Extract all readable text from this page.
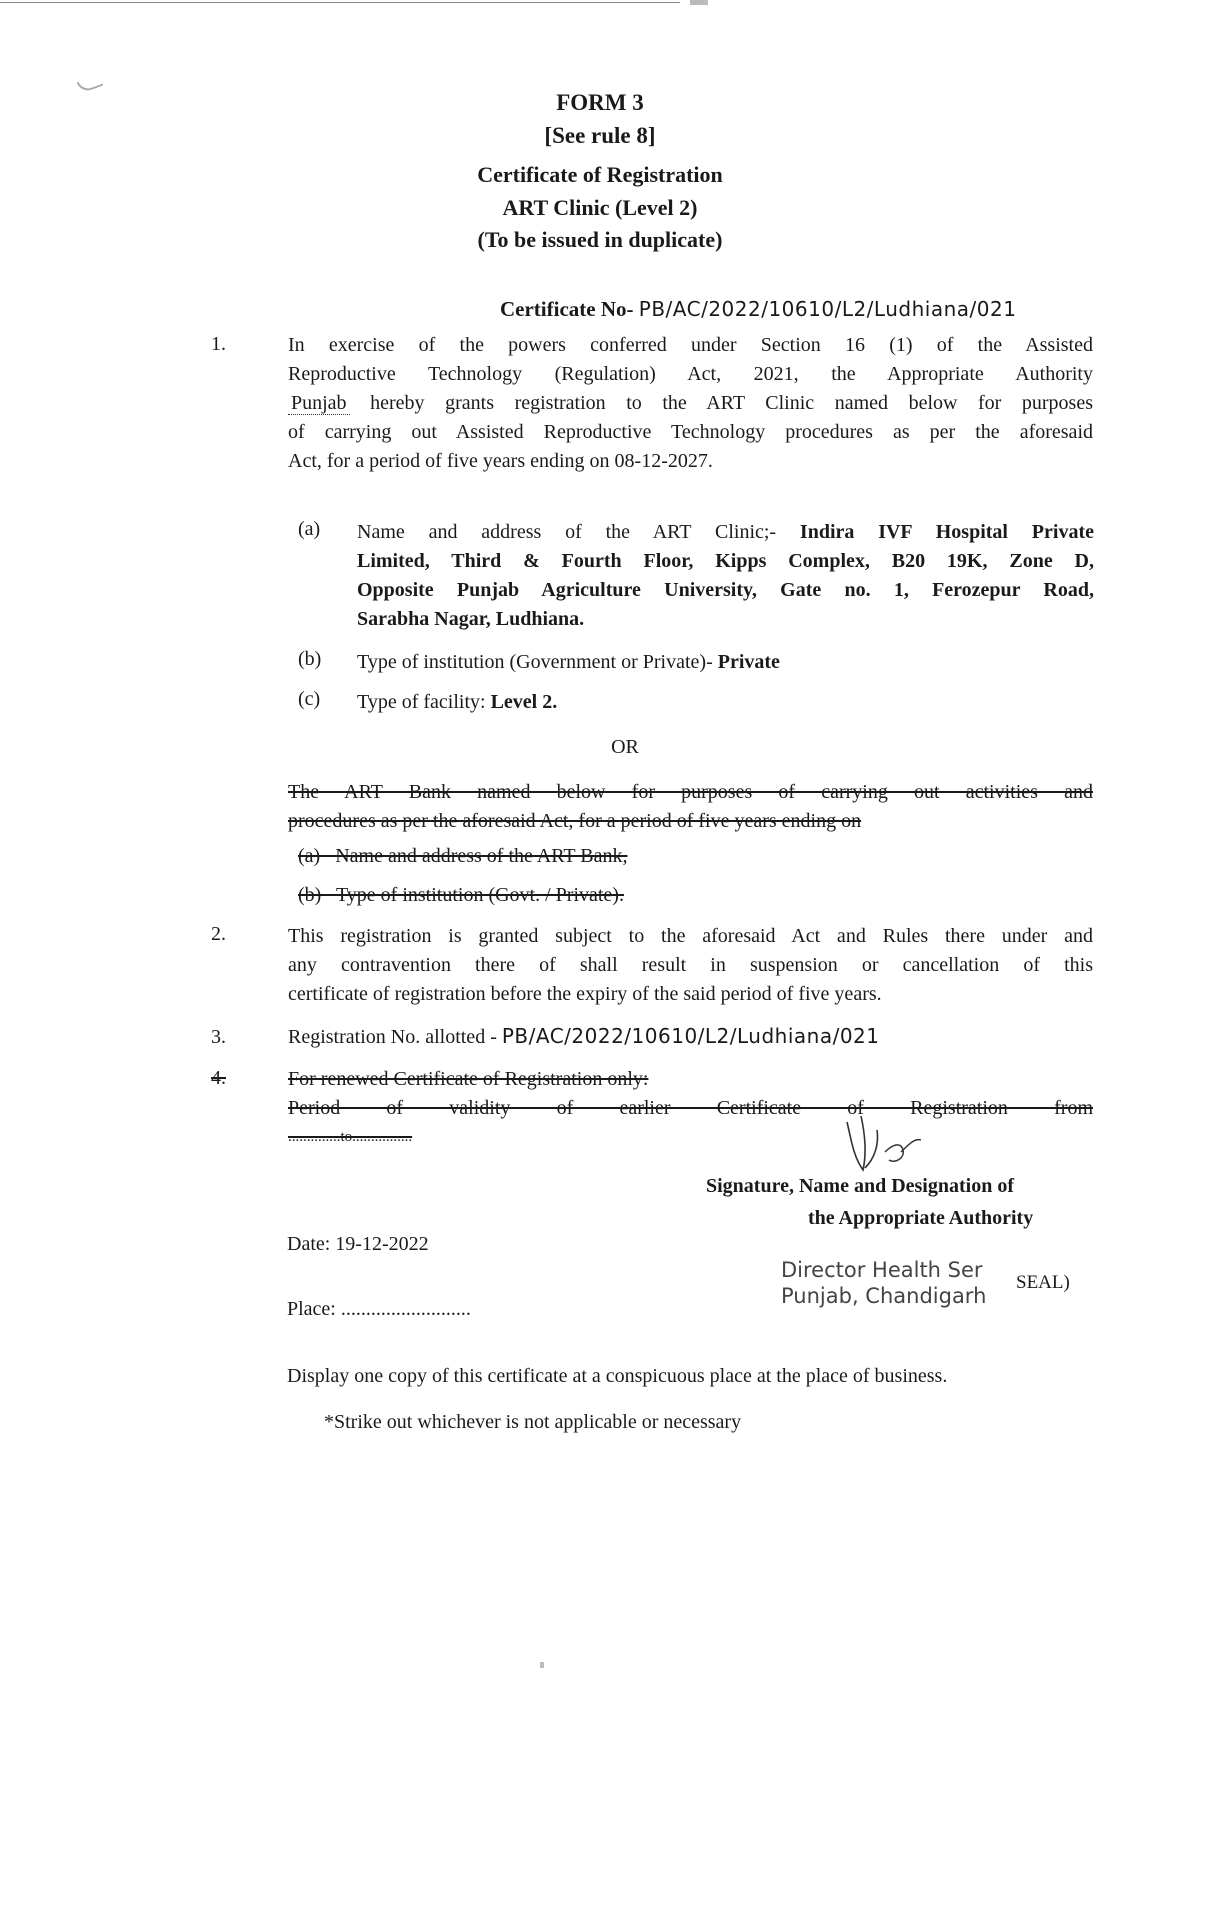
FORM 3
[See rule 8]
Certificate of Registration
ART Clinic (Level 2)
(To be issued in duplicate)
Certificate No- PB/AC/2022/10610/L2/Ludhiana/021
1.	In exercise of the powers conferred under Section 16 (1) of the Assisted
Reproductive Technology (Regulation) Act, 2021, the Appropriate Authority
Punjab hereby grants registration to the ART Clinic named below for purposes
of carrying out Assisted Reproductive Technology procedures as per the aforesaid
Act, for a period of five years ending on 08-12-2027.
(a) Name and address of the ART Clinic;- Indira IVF Hospital Private
Limited, Third & Fourth Floor, Kipps Complex, B20 19K, Zone D,
Opposite Punjab Agriculture University, Gate no. 1, Ferozepur Road,
Sarabha Nagar, Ludhiana.
(b) Type of institution (Government or Private)- Private
(c) Type of facility: Level 2.
OR
The ART Bank named below for purposes of carrying out activities and
procedures as per the aforesaid Act, for a period of five years ending on
(a)   Name and address of the ART Bank,
(b)   Type of institution (Govt. / Private).
2.	This registration is granted subject to the aforesaid Act and Rules there under and
any contravention there of shall result in suspension or cancellation of this
certificate of registration before the expiry of the said period of five years.
3.	Registration No. allotted - PB/AC/2022/10610/L2/Ludhiana/021
4.	For renewed Certificate of Registration only:
Period of validity of earlier Certificate of Registration from
..............to................
Signature, Name and Designation of
the Appropriate Authority
Date: 19-12-2022
Director Health Ser
Punjab, Chandigarh
SEAL)
Place: ..........................
Display one copy of this certificate at a conspicuous place at the place of business.
*Strike out whichever is not applicable or necessary
